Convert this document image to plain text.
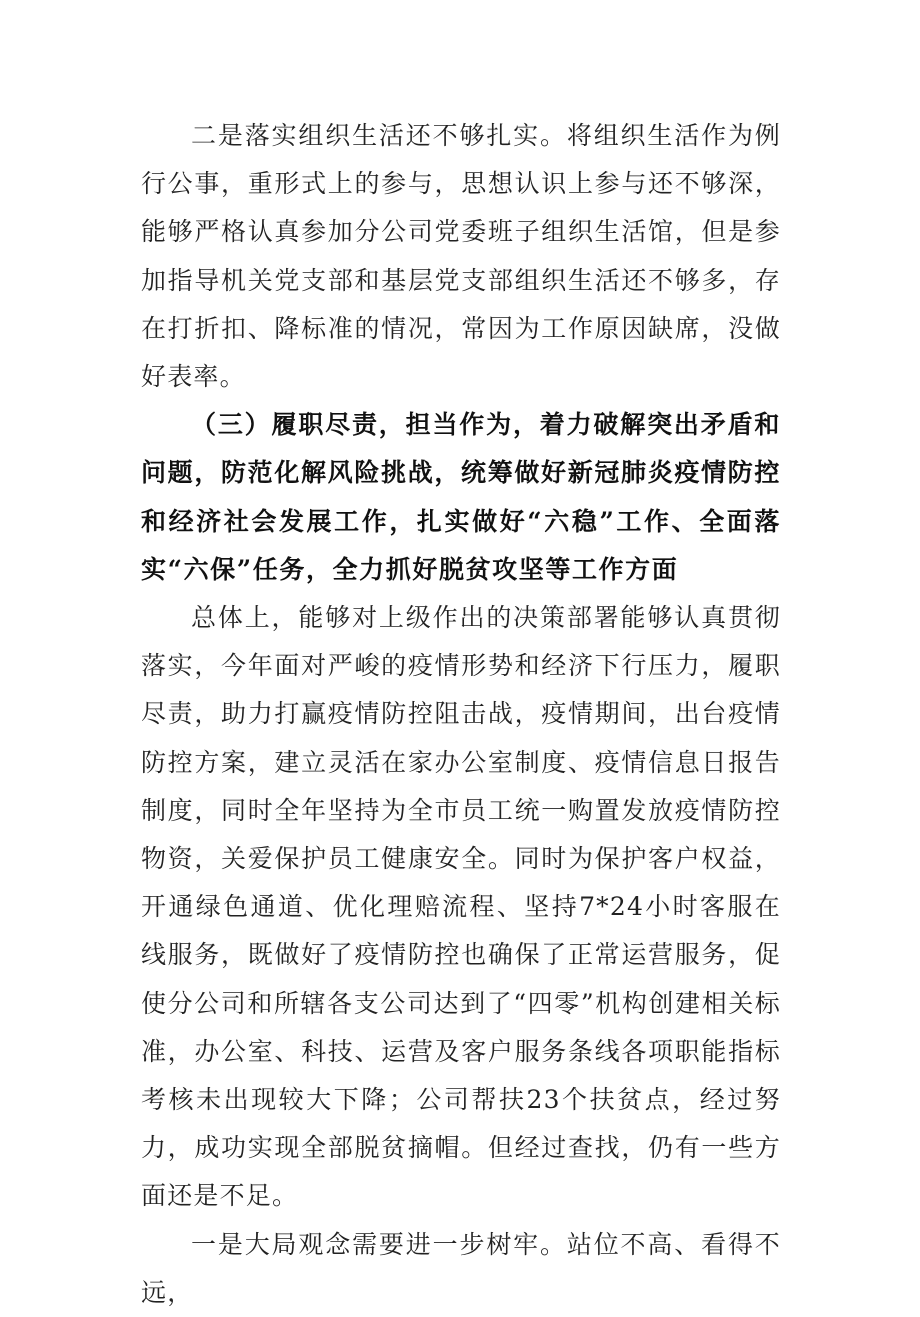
二是落实组织生活还不够扎实。将组织生活作为例行公事，重形式上的参与，思想认识上参与还不够深，能够严格认真参加分公司党委班子组织生活馆，但是参加指导机关党支部和基层党支部组织生活还不够多，存在打折扣、降标准的情况，常因为工作原因缺席，没做好表率。

（三）履职尽责，担当作为，着力破解突出矛盾和问题，防范化解风险挑战，统筹做好新冠肺炎疫情防控和经济社会发展工作，扎实做好“六稳”工作、全面落实“六保”任务，全力抓好脱贫攻坚等工作方面

总体上，能够对上级作出的决策部署能够认真贯彻落实，今年面对严峻的疫情形势和经济下行压力，履职尽责，助力打赢疫情防控阻击战，疫情期间，出台疫情防控方案，建立灵活在家办公室制度、疫情信息日报告制度，同时全年坚持为全市员工统一购置发放疫情防控物资，关爱保护员工健康安全。同时为保护客户权益，开通绿色通道、优化理赔流程、坚持7*24小时客服在线服务，既做好了疫情防控也确保了正常运营服务，促使分公司和所辖各支公司达到了“四零”机构创建相关标准，办公室、科技、运营及客户服务条线各项职能指标考核未出现较大下降；公司帮扶23个扶贫点，经过努力，成功实现全部脱贫摘帽。但经过查找，仍有一些方面还是不足。

一是大局观念需要进一步树牢。站位不高、看得不远，
